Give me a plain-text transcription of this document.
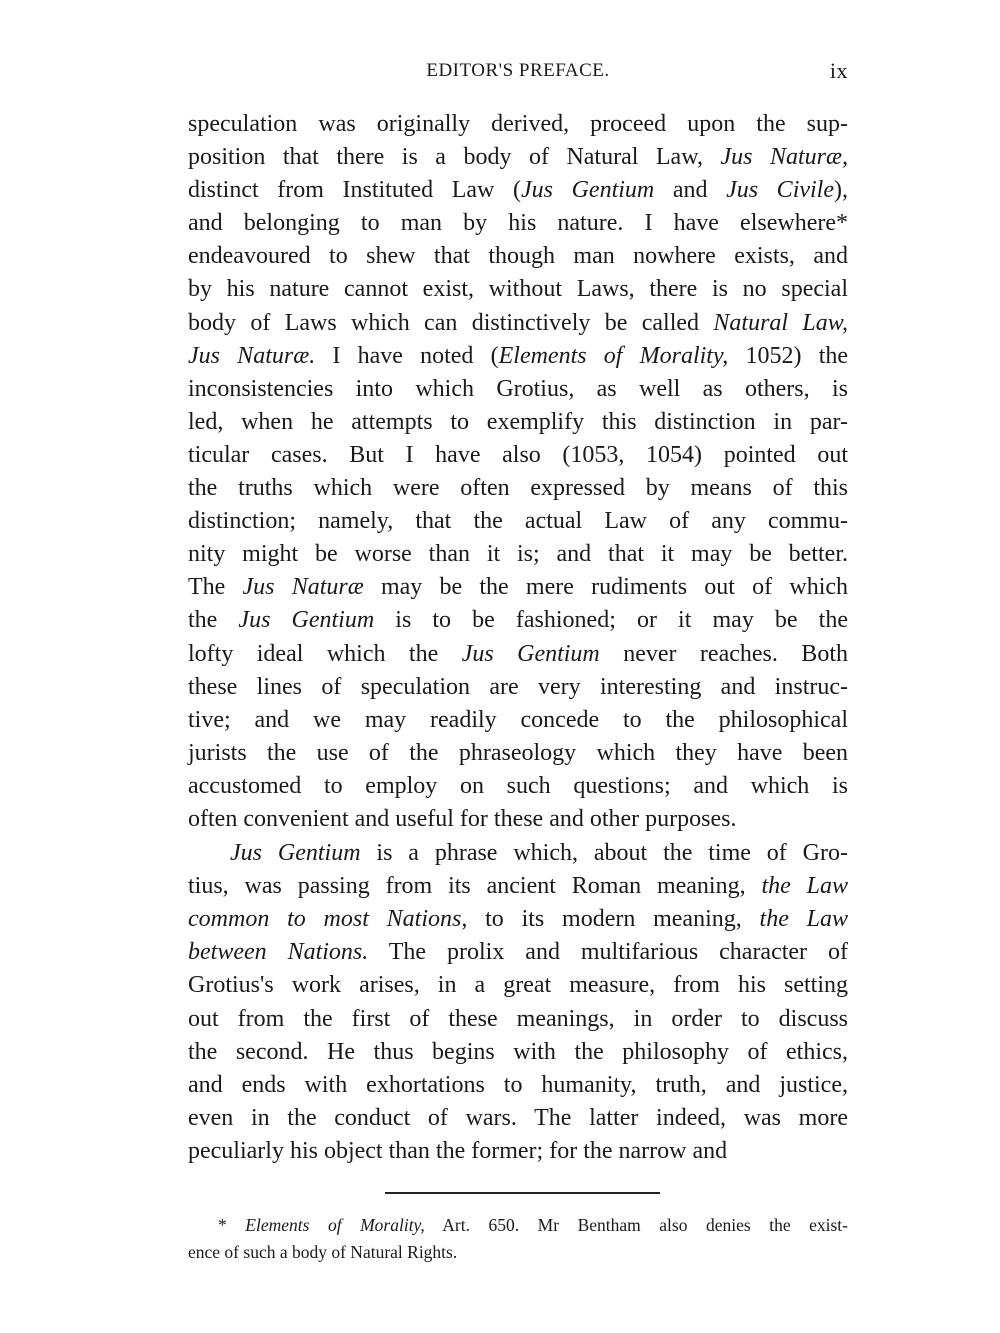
EDITOR'S PREFACE.	ix
speculation was originally derived, proceed upon the sup-
position that there is a body of Natural Law, Jus Naturæ,
distinct from Instituted Law (Jus Gentium and Jus Civile),
and belonging to man by his nature. I have elsewhere*
endeavoured to shew that though man nowhere exists, and
by his nature cannot exist, without Laws, there is no special
body of Laws which can distinctively be called Natural Law,
Jus Naturæ. I have noted (Elements of Morality, 1052) the
inconsistencies into which Grotius, as well as others, is
led, when he attempts to exemplify this distinction in par-
ticular cases. But I have also (1053, 1054) pointed out
the truths which were often expressed by means of this
distinction; namely, that the actual Law of any commu-
nity might be worse than it is; and that it may be better.
The Jus Naturæ may be the mere rudiments out of which
the Jus Gentium is to be fashioned; or it may be the
lofty ideal which the Jus Gentium never reaches. Both
these lines of speculation are very interesting and instruc-
tive; and we may readily concede to the philosophical
jurists the use of the phraseology which they have been
accustomed to employ on such questions; and which is
often convenient and useful for these and other purposes.
Jus Gentium is a phrase which, about the time of Gro-
tius, was passing from its ancient Roman meaning, the Law
common to most Nations, to its modern meaning, the Law
between Nations. The prolix and multifarious character of
Grotius's work arises, in a great measure, from his setting
out from the first of these meanings, in order to discuss
the second. He thus begins with the philosophy of ethics,
and ends with exhortations to humanity, truth, and justice,
even in the conduct of wars. The latter indeed, was more
peculiarly his object than the former; for the narrow and
* Elements of Morality, Art. 650. Mr Bentham also denies the exist-
ence of such a body of Natural Rights.
